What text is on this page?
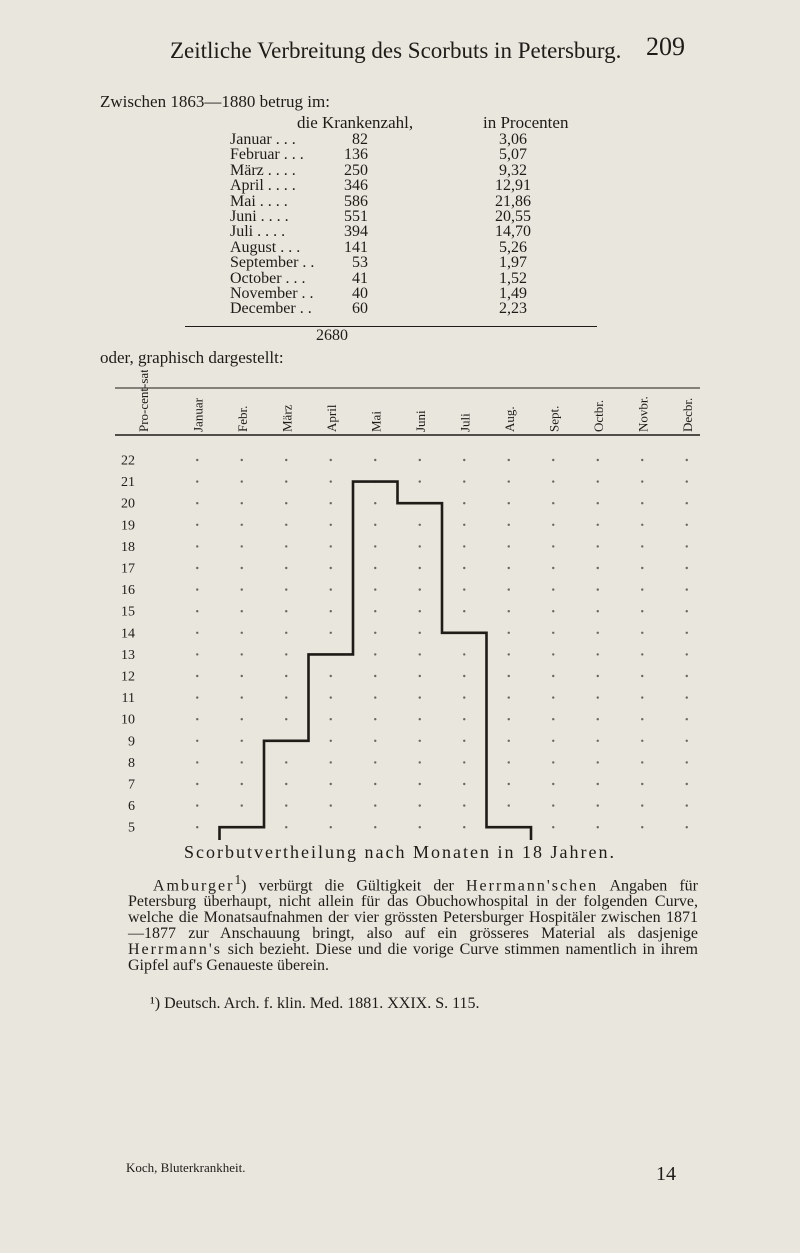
Zeitliche Verbreitung des Scorbuts in Petersburg. 209
Zwischen 1863—1880 betrug im:
die Krankenzahl,	in Procenten
Januar . . .	82	3,06
Februar . . .	136	5,07
März . . . .	250	9,32
April . . . .	346	12,91
Mai . . . .	586	21,86
Juni . . . .	551	20,55
Juli . . . .	394	14,70
August . . .	141	5,26
September . . 53	1,97
October . . .	41	1,52
November . . 40	1,49
December . .	60	2,23
2680
oder, graphisch dargestellt:
Pro-cent-satz.	Januar Febr. März April Mai Juni Juli Aug. Sept. Octbr. Novbr. Decbr.
22
21
20
19
18
17
16
15
14
13
12
11
10
9
8
7
6
5
Scorbutvertheilung nach Monaten in 18 Jahren.
Amburger$^1$) verbürgt die Gültigkeit der Herrmann'schen Angaben für Petersburg überhaupt, nicht allein für das Obuchowhospital in der folgenden Curve, welche die Monatsaufnahmen der vier grössten Petersburger Hospitäler zwischen 1871—1877 zur Anschauung bringt, also auf ein grösseres Material als dasjenige Herrmann's sich bezieht. Diese und die vorige Curve stimmen namentlich in ihrem Gipfel auf's Genaueste überein.
¹) Deutsch. Arch. f. klin. Med. 1881. XXIX. S. 115.
Koch, Bluterkrankheit.	14
